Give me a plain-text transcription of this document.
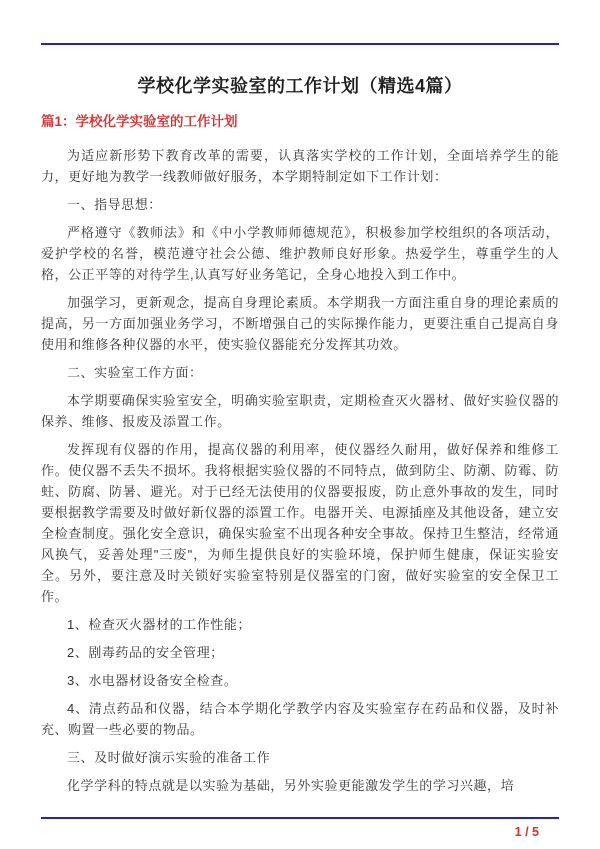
学校化学实验室的工作计划（精选4篇）
篇1：学校化学实验室的工作计划

为适应新形势下教育改革的需要，认真落实学校的工作计划，全面培养学生的能力，更好地为教学一线教师做好服务，本学期特制定如下工作计划：

一、指导思想：

严格遵守《教师法》和《中小学教师师德规范》，积极参加学校组织的各项活动，爱护学校的名誉，模范遵守社会公德、维护教师良好形象。热爱学生，尊重学生的人格，公正平等的对待学生,认真写好业务笔记，全身心地投入到工作中。

加强学习，更新观念，提高自身理论素质。本学期我一方面注重自身的理论素质的提高，另一方面加强业务学习，不断增强自己的实际操作能力，更要注重自己提高自身使用和维修各种仪器的水平，使实验仪器能充分发挥其功效。

二、实验室工作方面：

本学期要确保实验室安全，明确实验室职责，定期检查灭火器材、做好实验仪器的保养、维修、报废及添置工作。

发挥现有仪器的作用，提高仪器的利用率，使仪器经久耐用，做好保养和维修工作。使仪器不丢失不损坏。我将根据实验仪器的不同特点，做到防尘、防潮、防霉、防蛀、防腐、防暑、避光。对于已经无法使用的仪器要报废，防止意外事故的发生，同时要根据教学需要及时做好新仪器的添置工作。电器开关、电源插座及其他设备，建立安全检查制度。强化安全意识，确保实验室不出现各种安全事故。保持卫生整洁，经常通风换气，妥善处理"三废"，为师生提供良好的实验环境，保护师生健康，保证实验安全。另外，要注意及时关锁好实验室特别是仪器室的门窗，做好实验室的安全保卫工作。

1、检查灭火器材的工作性能；

2、剧毒药品的安全管理；

3、水电器材设备安全检查。

4、清点药品和仪器，结合本学期化学教学内容及实验室存在药品和仪器，及时补充、购置一些必要的物品。

三、及时做好演示实验的准备工作

化学学科的特点就是以实验为基础，另外实验更能激发学生的学习兴趣，培

1 / 5
